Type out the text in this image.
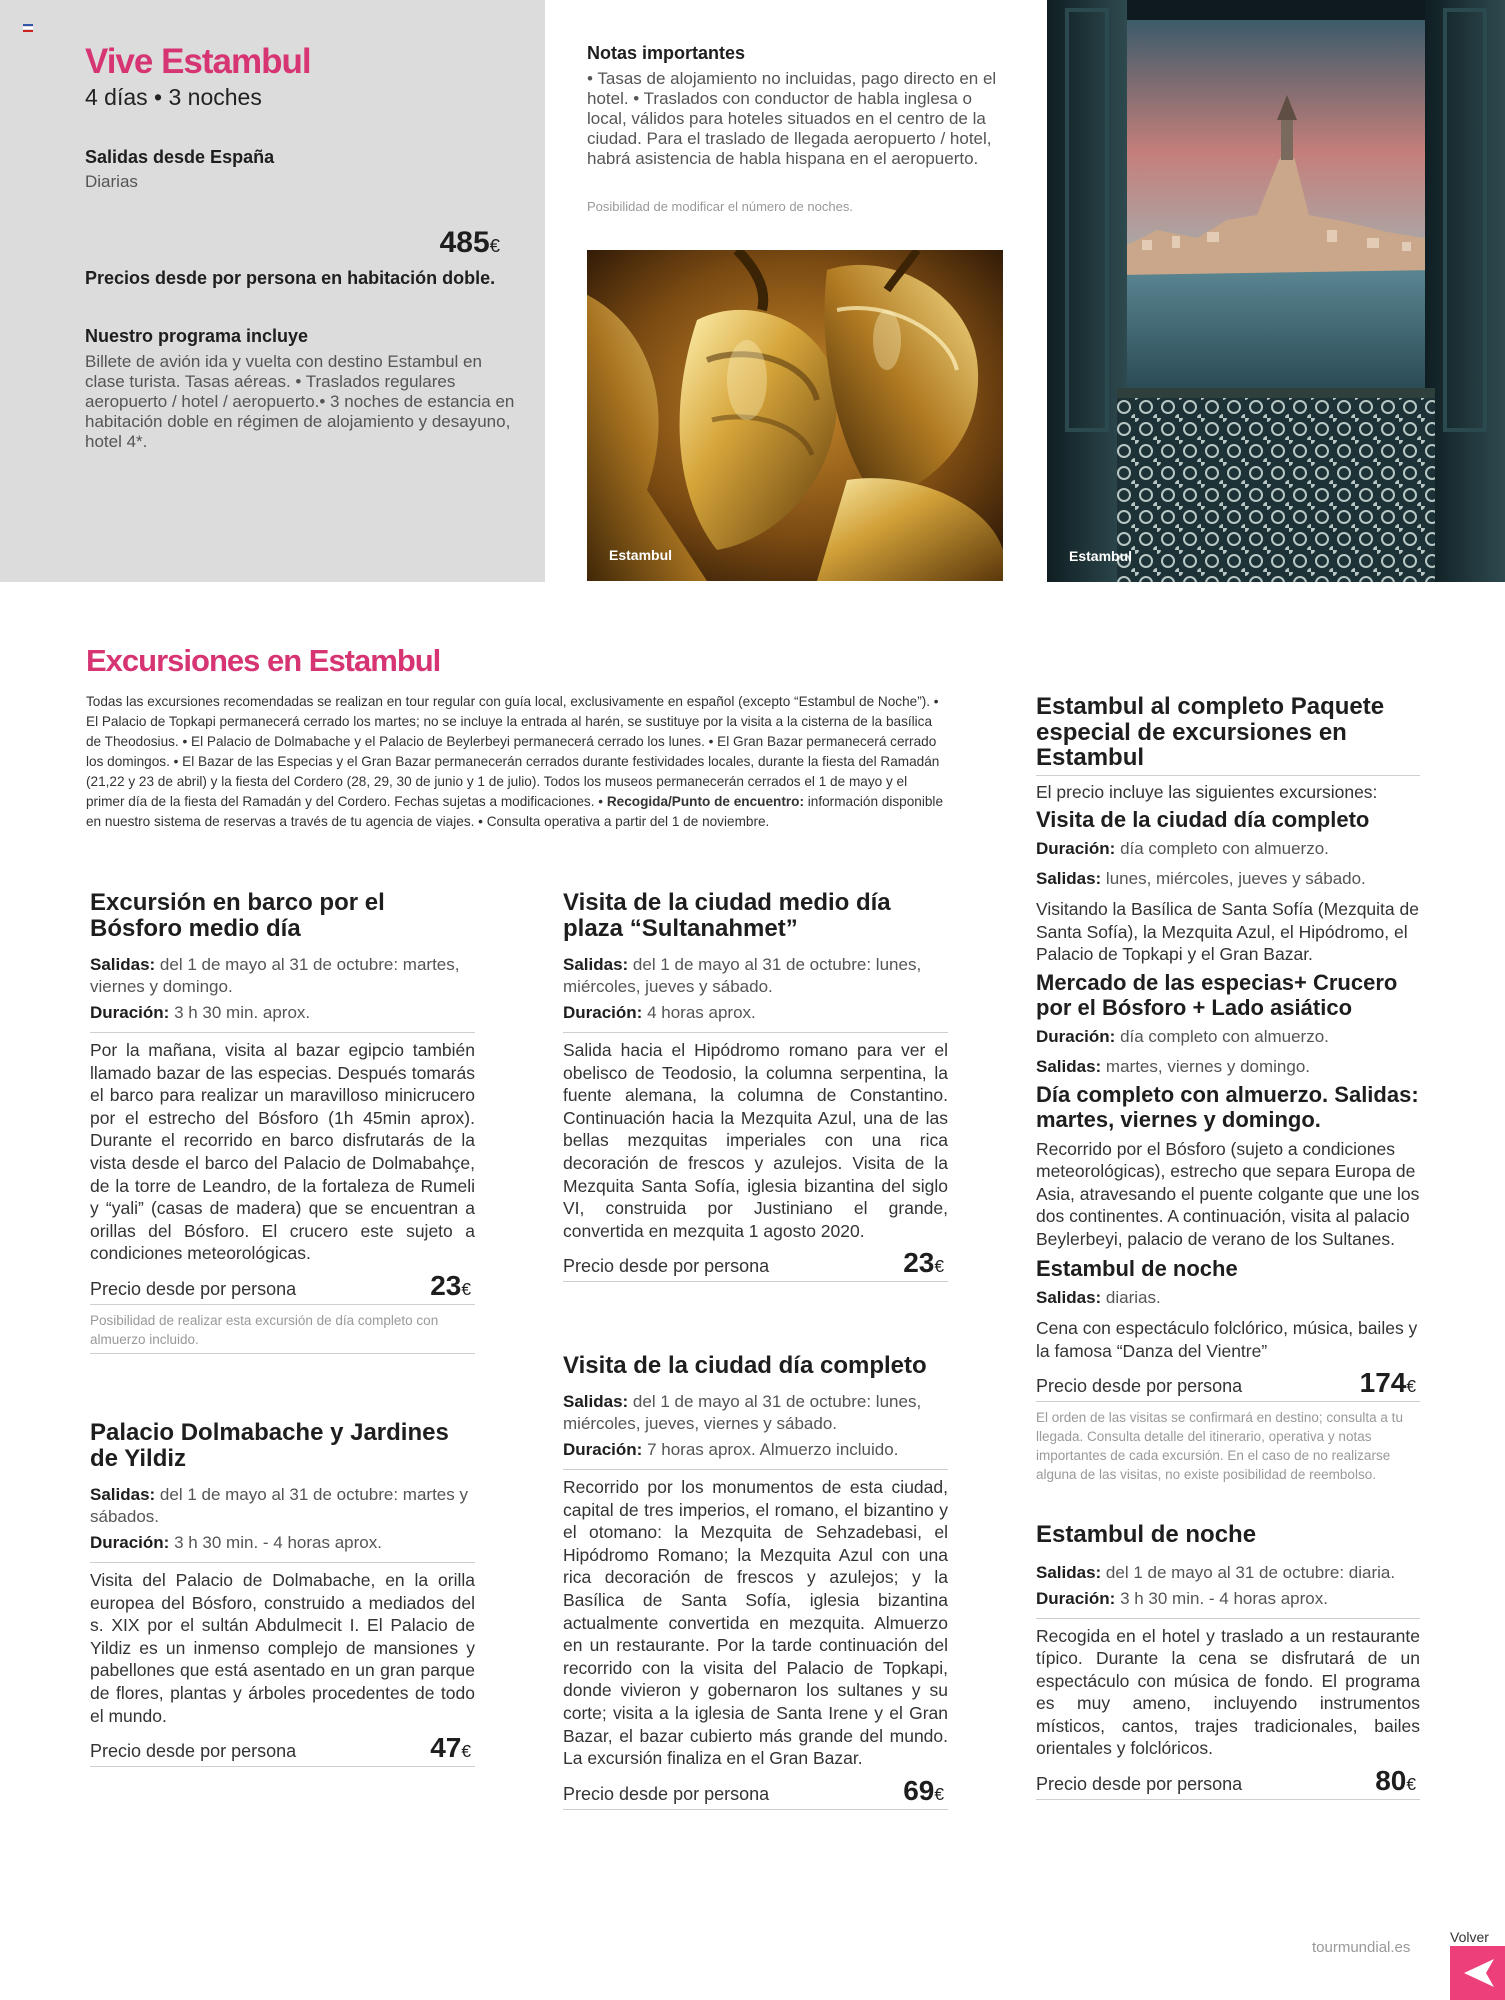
Vive Estambul
4 días • 3 noches
Salidas desde España
Diarias
485€
Precios desde por persona en habitación doble.
Nuestro programa incluye
Billete de avión ida y vuelta con destino Estambul en clase turista. Tasas aéreas. • Traslados regulares aeropuerto / hotel / aeropuerto.• 3 noches de estancia en habitación doble en régimen de alojamiento y desayuno, hotel 4*.
Notas importantes
• Tasas de alojamiento no incluidas, pago directo en el hotel. • Traslados con conductor de habla inglesa o local, válidos para hoteles situados en el centro de la ciudad. Para el traslado de llegada aeropuerto / hotel, habrá asistencia de habla hispana en el aeropuerto.
Posibilidad de modificar el número de noches.
Estambul	Estambul
Excursiones en Estambul
Todas las excursiones recomendadas se realizan en tour regular con guía local, exclusivamente en español (excepto “Estambul de Noche”). • El Palacio de Topkapi permanecerá cerrado los martes; no se incluye la entrada al harén, se sustituye por la visita a la cisterna de la basílica de Theodosius. • El Palacio de Dolmabache y el Palacio de Beylerbeyi permanecerá cerrado los lunes. • El Gran Bazar permanecerá cerrado los domingos. • El Bazar de las Especias y el Gran Bazar permanecerán cerrados durante festividades locales, durante la fiesta del Ramadán (21,22 y 23 de abril) y la fiesta del Cordero (28, 29, 30 de junio y 1 de julio). Todos los museos permanecerán cerrados el 1 de mayo y el primer día de la fiesta del Ramadán y del Cordero. Fechas sujetas a modificaciones. • Recogida/Punto de encuentro: información disponible en nuestro sistema de reservas a través de tu agencia de viajes. • Consulta operativa a partir del 1 de noviembre.
Excursión en barco por el Bósforo medio día
Salidas: del 1 de mayo al 31 de octubre: martes, viernes y domingo.
Duración: 3 h 30 min. aprox.
Por la mañana, visita al bazar egipcio también llamado bazar de las especias. Después tomarás el barco para realizar un maravilloso minicrucero por el estrecho del Bósforo (1h 45min aprox). Durante el recorrido en barco disfrutarás de la vista desde el barco del Palacio de Dolmabahçe, de la torre de Leandro, de la fortaleza de Rumeli y “yali” (casas de madera) que se encuentran a orillas del Bósforo. El crucero este sujeto a condiciones meteorológicas.
Precio desde por persona	23€
Posibilidad de realizar esta excursión de día completo con almuerzo incluido.
Palacio Dolmabache y Jardines de Yildiz
Salidas: del 1 de mayo al 31 de octubre: martes y sábados.
Duración: 3 h 30 min. - 4 horas aprox.
Visita del Palacio de Dolmabache, en la orilla europea del Bósforo, construido a mediados del s. XIX por el sultán Abdulmecit I. El Palacio de Yildiz es un inmenso complejo de mansiones y pabellones que está asentado en un gran parque de flores, plantas y árboles procedentes de todo el mundo.
Precio desde por persona	47€
Visita de la ciudad medio día plaza “Sultanahmet”
Salidas: del 1 de mayo al 31 de octubre: lunes, miércoles, jueves y sábado.
Duración: 4 horas aprox.
Salida hacia el Hipódromo romano para ver el obelisco de Teodosio, la columna serpentina, la fuente alemana, la columna de Constantino. Continuación hacia la Mezquita Azul, una de las bellas mezquitas imperiales con una rica decoración de frescos y azulejos. Visita de la Mezquita Santa Sofía, iglesia bizantina del siglo VI, construida por Justiniano el grande, convertida en mezquita 1 agosto 2020.
Precio desde por persona	23€
Visita de la ciudad día completo
Salidas: del 1 de mayo al 31 de octubre: lunes, miércoles, jueves, viernes y sábado.
Duración: 7 horas aprox. Almuerzo incluido.
Recorrido por los monumentos de esta ciudad, capital de tres imperios, el romano, el bizantino y el otomano: la Mezquita de Sehzadebasi, el Hipódromo Romano; la Mezquita Azul con una rica decoración de frescos y azulejos; y la Basílica de Santa Sofía, iglesia bizantina actualmente convertida en mezquita. Almuerzo en un restaurante. Por la tarde continuación del recorrido con la visita del Palacio de Topkapi, donde vivieron y gobernaron los sultanes y su corte; visita a la iglesia de Santa Irene y el Gran Bazar, el bazar cubierto más grande del mundo. La excursión finaliza en el Gran Bazar.
Precio desde por persona	69€
Estambul al completo Paquete especial de excursiones en Estambul
El precio incluye las siguientes excursiones:
Visita de la ciudad día completo
Duración: día completo con almuerzo.
Salidas: lunes, miércoles, jueves y sábado.
Visitando la Basílica de Santa Sofía (Mezquita de Santa Sofía), la Mezquita Azul, el Hipódromo, el Palacio de Topkapi y el Gran Bazar.
Mercado de las especias+ Crucero por el Bósforo + Lado asiático
Duración: día completo con almuerzo.
Salidas: martes, viernes y domingo.
Día completo con almuerzo. Salidas: martes, viernes y domingo.
Recorrido por el Bósforo (sujeto a condiciones meteorológicas), estrecho que separa Europa de Asia, atravesando el puente colgante que une los dos continentes. A continuación, visita al palacio Beylerbeyi, palacio de verano de los Sultanes.
Estambul de noche
Salidas: diarias.
Cena con espectáculo folclórico, música, bailes y la famosa “Danza del Vientre”
Precio desde por persona	174€
El orden de las visitas se confirmará en destino; consulta a tu llegada. Consulta detalle del itinerario, operativa y notas importantes de cada excursión. En el caso de no realizarse alguna de las visitas, no existe posibilidad de reembolso.
Estambul de noche
Salidas: del 1 de mayo al 31 de octubre: diaria.
Duración: 3 h 30 min. - 4 horas aprox.
Recogida en el hotel y traslado a un restaurante típico. Durante la cena se disfrutará de un espectáculo con música de fondo. El programa es muy ameno, incluyendo instrumentos místicos, cantos, trajes tradicionales, bailes orientales y folclóricos.
Precio desde por persona	80€
tourmundial.es
Volver
